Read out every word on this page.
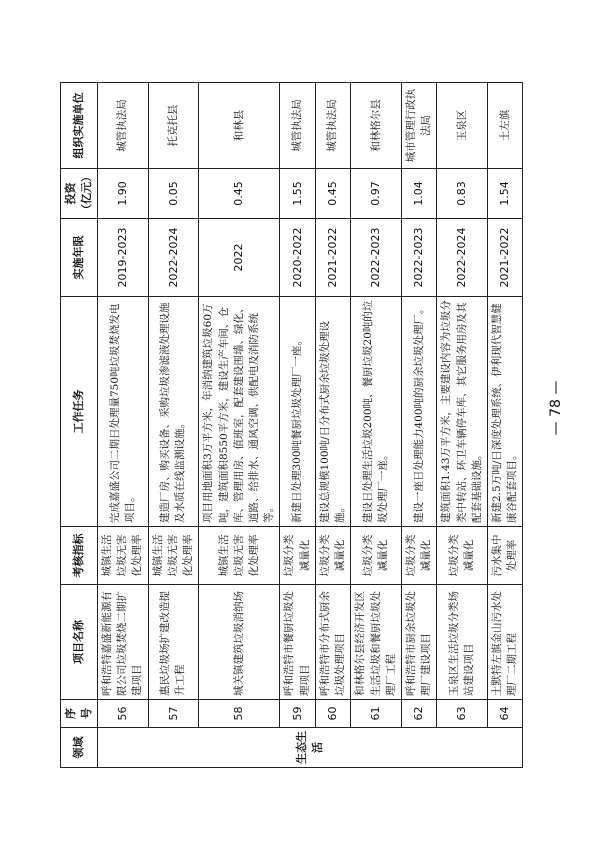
领域	序号	项目名称	考核指标	工作任务	实施年限	投资（亿元）	组织实施单位
生态生活	56	呼和浩特嘉盛新能源有限公司垃圾焚烧二期扩建项目	城镇生活垃圾无害化处理率	完成嘉盛公司二期日处理量750吨垃圾焚烧发电项目。	2019-2023	1.90	城管执法局
	57	惠民垃圾场扩建改造提升工程	城镇生活垃圾无害化处理率	建造厂房、购买设备、采购垃圾渗滤液处理设施及水质在线监测设施。	2022-2024	0.05	托克托县
	58	城关镇建筑垃圾消纳场	城镇生活垃圾无害化处理率	项目用地面积3万平方米，年消纳建筑垃圾60万吨，建筑面积8550平方米，建设生产车间、仓库、管理用房、值班室，配套建设围墙、绿化、道路、给排水、通风空调、供配电及消防系统等。	2022	0.45	和林县
	59	呼和浩特市餐厨垃圾处理项目	垃圾分类减量化	新建日处理300吨餐厨垃圾处理厂一座。	2020-2022	1.55	城管执法局
	60	呼和浩特市分布式厨余垃圾处理项目	垃圾分类减量化	建设总规模100吨/日分布式厨余垃圾处理设施。	2021-2022	0.45	城管执法局
	61	和林格尔县经济开发区生活垃圾和餐厨垃圾处理厂工程	垃圾分类减量化	建设日处理生活垃圾200吨、餐厨垃圾20吨的垃圾处理厂一座。	2022-2023	0.97	和林格尔县
	62	呼和浩特市厨余垃圾处理厂建设项目	垃圾分类减量化	建设一座日处理能力400吨的厨余垃圾处理厂。	2022-2023	1.04	城市管理行政执法局
	63	玉泉区生活垃圾分类场站建设项目	垃圾分类减量化	建筑面积1.43万平方米，主要建设内容为垃圾分类中转站、环卫车辆停车库、其它服务用房及其配套基础设施。	2022-2024	0.83	玉泉区
	64	土默特左旗金山污水处理厂二期工程	污水集中处理率	新建2.5万吨/日深度处理系统、伊利现代智慧健康谷配套项目。	2021-2022	1.54	土左旗
— 78 —
